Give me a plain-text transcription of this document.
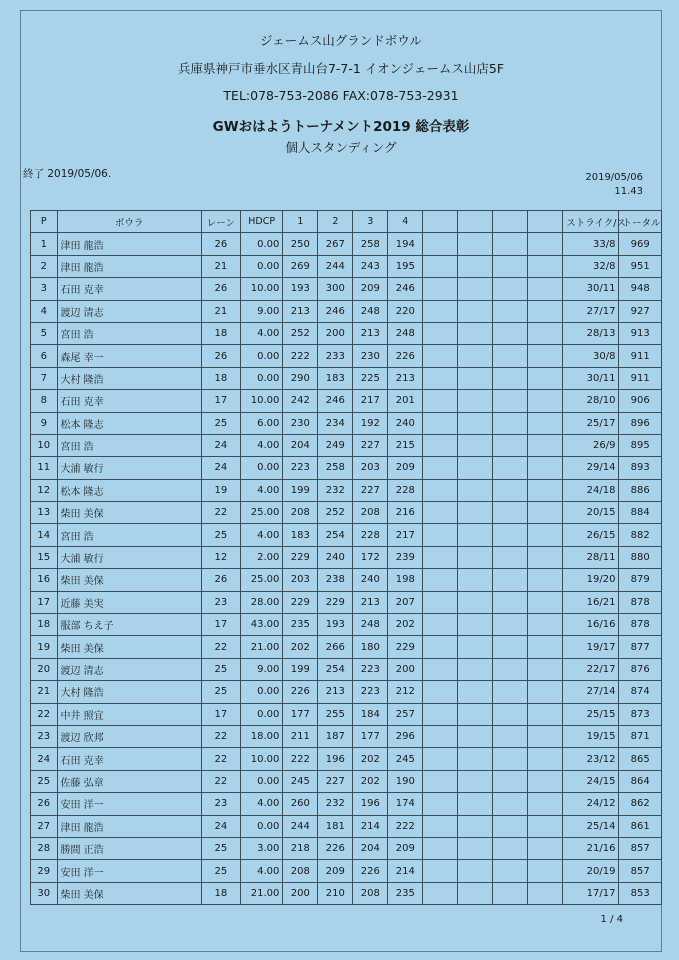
ジェームス山グランドボウル
兵庫県神戸市垂水区青山台7-7-1 イオンジェームス山店5F
TEL:078-753-2086 FAX:078-753-2931
GWおはようトーナメント2019 総合表彰
個人スタンディング
終了 2019/05/06.	2019/05/06
11.43
P	ボウラ	レーン	HDCP	1	2	3	4					ストライク/ス	トータル
1	津田 龍浩	26	0.00	250	267	258	194					33/8	969
2	津田 龍浩	21	0.00	269	244	243	195					32/8	951
3	石田 克幸	26	10.00	193	300	209	246					30/11	948
4	渡辺 清志	21	9.00	213	246	248	220					27/17	927
5	宮田 浩	18	4.00	252	200	213	248					28/13	913
6	森尾 幸一	26	0.00	222	233	230	226					30/8	911
7	大村 隆浩	18	0.00	290	183	225	213					30/11	911
8	石田 克幸	17	10.00	242	246	217	201					28/10	906
9	松本 隆志	25	6.00	230	234	192	240					25/17	896
10	宮田 浩	24	4.00	204	249	227	215					26/9	895
11	大浦 敏行	24	0.00	223	258	203	209					29/14	893
12	松本 隆志	19	4.00	199	232	227	228					24/18	886
13	柴田 美保	22	25.00	208	252	208	216					20/15	884
14	宮田 浩	25	4.00	183	254	228	217					26/15	882
15	大浦 敏行	12	2.00	229	240	172	239					28/11	880
16	柴田 美保	26	25.00	203	238	240	198					19/20	879
17	近藤 美実	23	28.00	229	229	213	207					16/21	878
18	服部 ちえ子	17	43.00	235	193	248	202					16/16	878
19	柴田 美保	22	21.00	202	266	180	229					19/17	877
20	渡辺 清志	25	9.00	199	254	223	200					22/17	876
21	大村 隆浩	25	0.00	226	213	223	212					27/14	874
22	中井 照宜	17	0.00	177	255	184	257					25/15	873
23	渡辺 欣邦	22	18.00	211	187	177	296					19/15	871
24	石田 克幸	22	10.00	222	196	202	245					23/12	865
25	佐藤 弘章	22	0.00	245	227	202	190					24/15	864
26	安田 洋一	23	4.00	260	232	196	174					24/12	862
27	津田 龍浩	24	0.00	244	181	214	222					25/14	861
28	勝間 正浩	25	3.00	218	226	204	209					21/16	857
29	安田 洋一	25	4.00	208	209	226	214					20/19	857
30	柴田 美保	18	21.00	200	210	208	235					17/17	853
1 / 4
